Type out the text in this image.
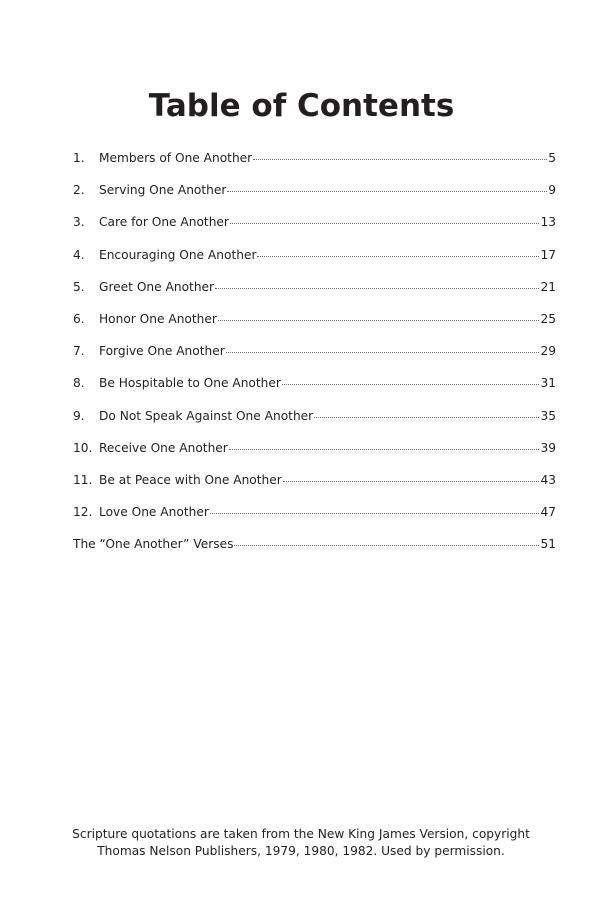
Table of Contents
1.	Members of One Another	5
2.	Serving One Another	9
3.	Care for One Another	13
4.	Encouraging One Another	17
5.	Greet One Another	21
6.	Honor One Another	25
7.	Forgive One Another	29
8.	Be Hospitable to One Another	31
9.	Do Not Speak Against One Another	35
10. Receive One Another	39
11. Be at Peace with One Another	43
12. Love One Another	47
The “One Another” Verses	51

Scripture quotations are taken from the New King James Version, copyright
Thomas Nelson Publishers, 1979, 1980, 1982. Used by permission.
